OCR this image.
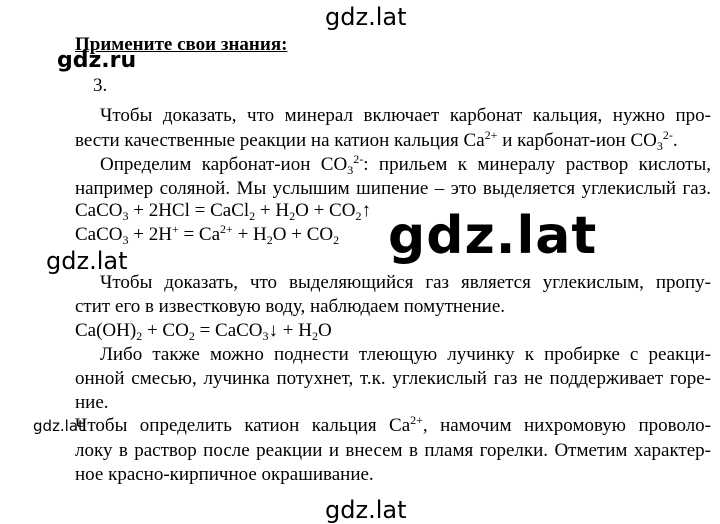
Примените свои знания:
3.
Чтобы доказать, что минерал включает карбонат кальция, нужно про-
вести качественные реакции на катион кальция $Ca^{2+}$ и карбонат-ион $CO_3^{2-}$.
Определим карбонат-ион $CO_3^{2-}$: прильем к минералу раствор кислоты,
например соляной. Мы услышим шипение – это выделяется углекислый газ.
CaCO$_3$ + 2HCl = CaCl$_2$ + $H_2O$ + $CO_2↑$
CaCO$_3$ + $2H^+ = Ca^{2+} + H_2O + CO_2$
Чтобы доказать, что выделяющийся газ является углекислым, пропу-
стит его в известковую воду, наблюдаем помутнение.
$Ca(OH)_2 + CO_2$ = CaCO$_3$↓ + $H_2O$
Либо также можно поднести тлеющую лучинку к пробирке с реакци-
онной смесью, лучинка потухнет, т.к. углекислый газ не поддерживает горе-
ние.
Чтобы определить катион кальция $Ca^{2+}$, намочим нихромовую проволо-
локу в раствор после реакции и внесем в пламя горелки. Отметим характер-
ное красно-кирпичное окрашивание.
gdz.lat
gdz.ru
gdz.lat
gdz.lat
gdz.lat
gdz.lat
